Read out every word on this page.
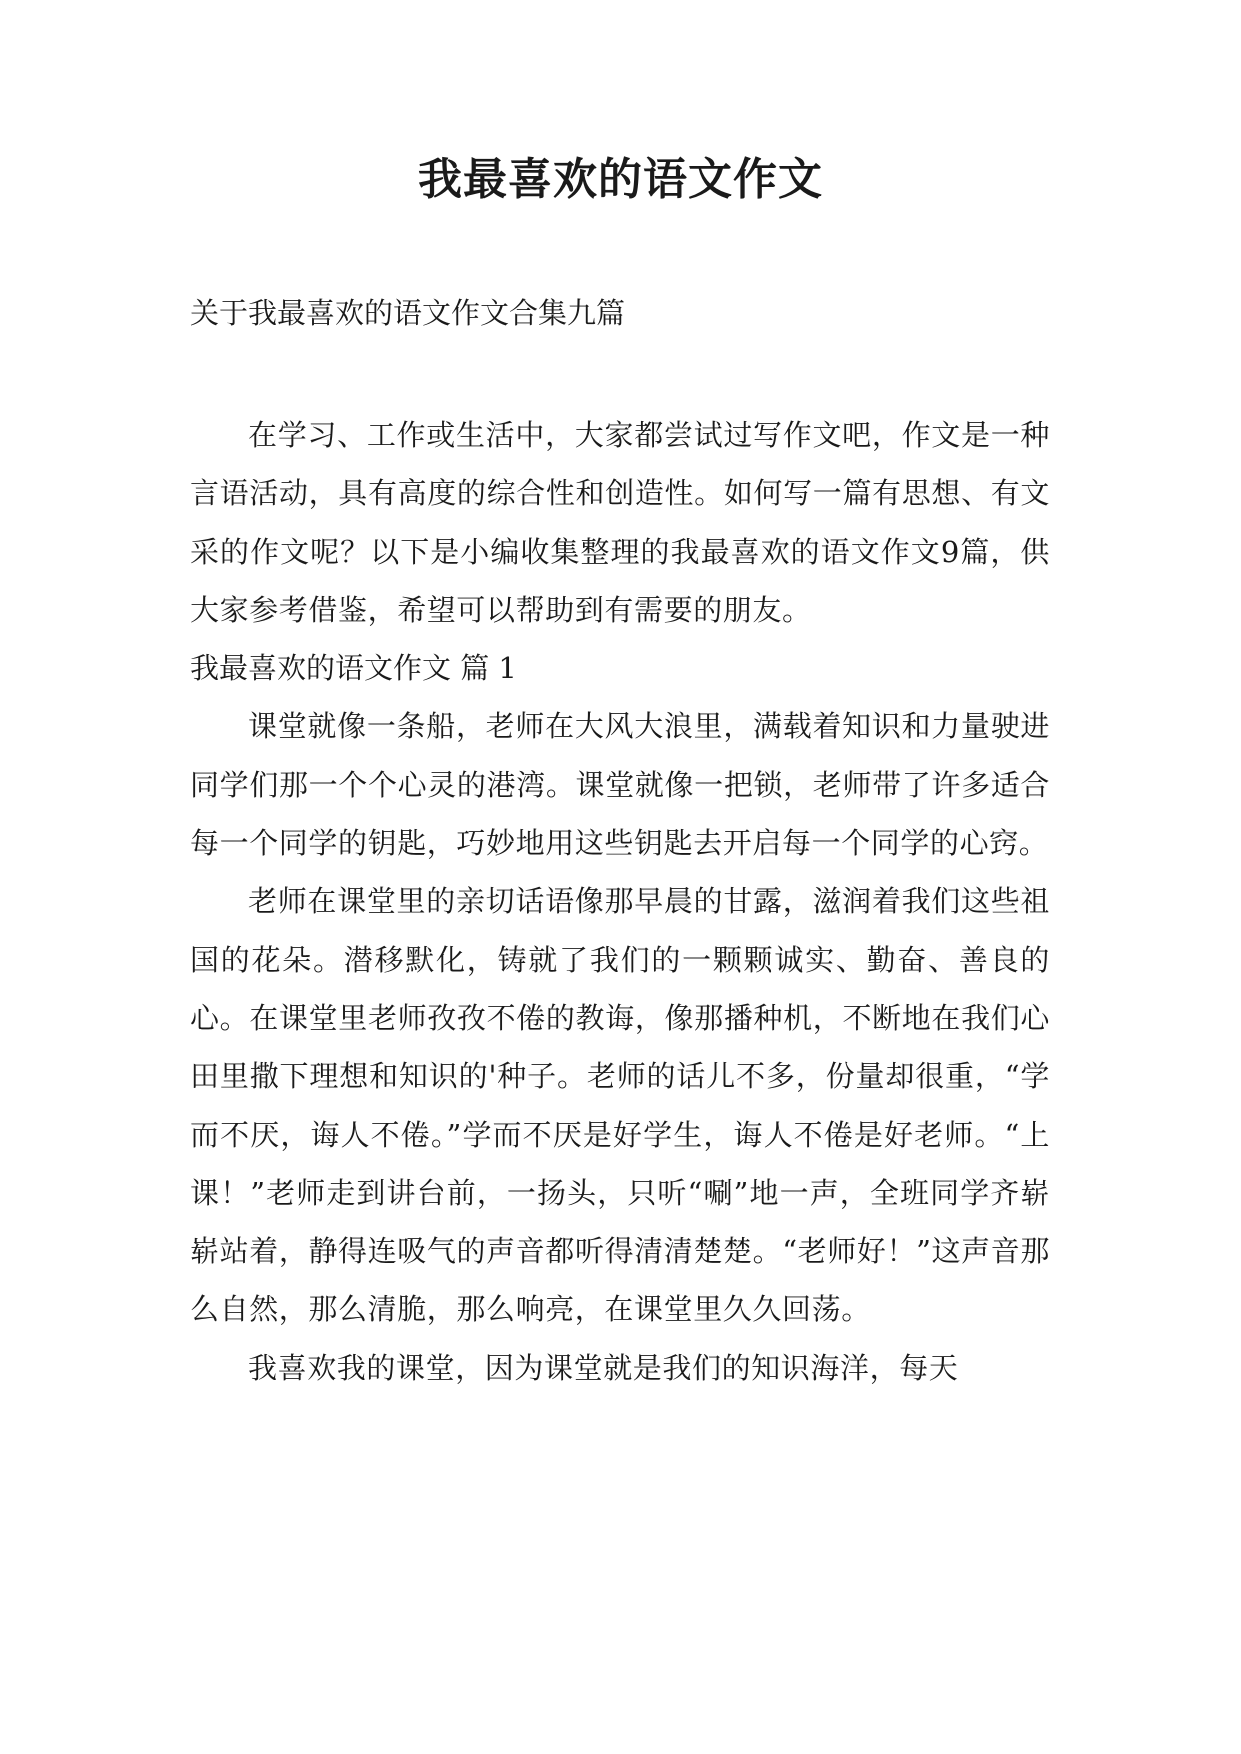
我最喜欢的语文作文
关于我最喜欢的语文作文合集九篇

在学习、工作或生活中，大家都尝试过写作文吧，作文是一种言语活动，具有高度的综合性和创造性。如何写一篇有思想、有文采的作文呢？以下是小编收集整理的我最喜欢的语文作文9篇，供大家参考借鉴，希望可以帮助到有需要的朋友。

我最喜欢的语文作文 篇 1

课堂就像一条船，老师在大风大浪里，满载着知识和力量驶进同学们那一个个心灵的港湾。课堂就像一把锁，老师带了许多适合每一个同学的钥匙，巧妙地用这些钥匙去开启每一个同学的心窍。

老师在课堂里的亲切话语像那早晨的甘露，滋润着我们这些祖国的花朵。潜移默化，铸就了我们的一颗颗诚实、勤奋、善良的心。在课堂里老师孜孜不倦的教诲，像那播种机，不断地在我们心田里撒下理想和知识的'种子。老师的话儿不多，份量却很重，“学而不厌，诲人不倦。”学而不厌是好学生，诲人不倦是好老师。“上课！”老师走到讲台前，一扬头，只听“唰”地一声，全班同学齐崭崭站着，静得连吸气的声音都听得清清楚楚。“老师好！”这声音那么自然，那么清脆，那么响亮，在课堂里久久回荡。

我喜欢我的课堂，因为课堂就是我们的知识海洋，每天
